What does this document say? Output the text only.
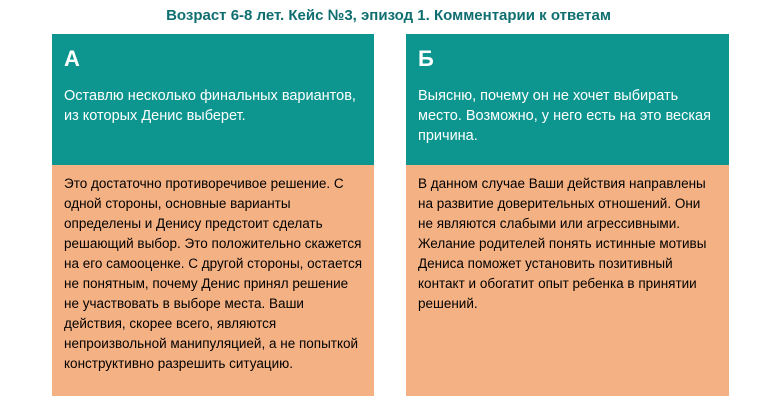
Возраст 6-8 лет. Кейс №3, эпизод 1. Комментарии к ответам
А
Оставлю несколько финальных вариантов, из которых Денис выберет.
Это достаточно противоречивое решение. С одной стороны, основные варианты определены и Денису предстоит сделать решающий выбор. Это положительно скажется на его самооценке. С другой стороны, остается не понятным, почему Денис принял решение не участвовать в выборе места. Ваши действия, скорее всего, являются непроизвольной манипуляцией, а не попыткой конструктивно разрешить ситуацию.
Б
Выясню, почему он не хочет выбирать место. Возможно, у него есть на это веская причина.
В данном случае Ваши действия направлены на развитие доверительных отношений. Они не являются слабыми или агрессивными. Желание родителей понять истинные мотивы Дениса поможет установить позитивный контакт и обогатит опыт ребенка в принятии решений.
